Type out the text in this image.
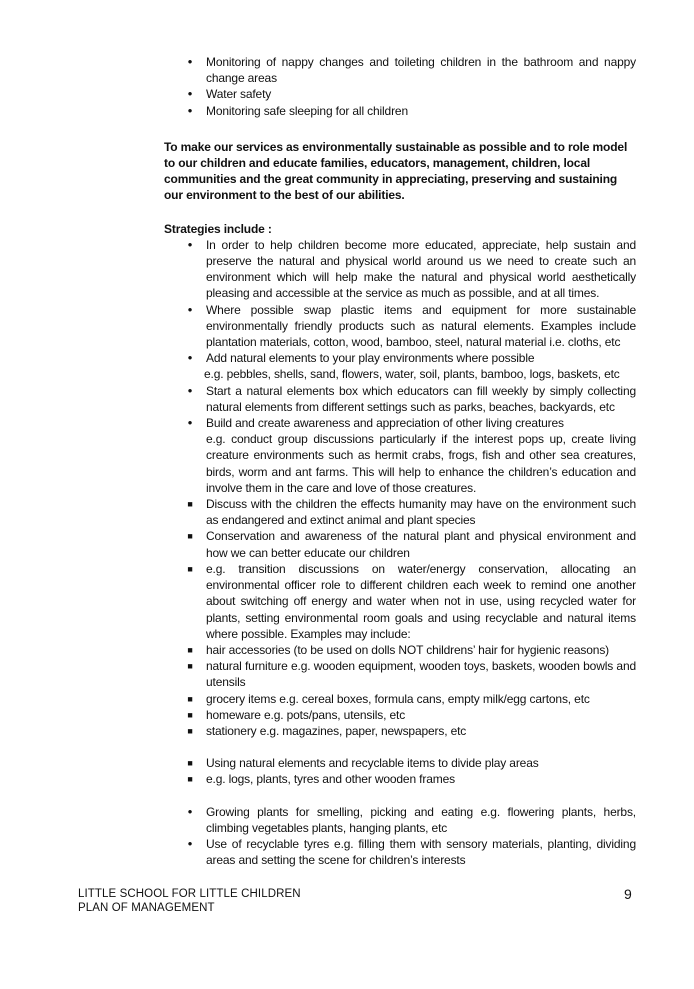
•	Monitoring of nappy changes and toileting children in the bathroom and nappy change areas
•	Water safety
•	Monitoring safe sleeping for all children

To make our services as environmentally sustainable as possible and to role model to our children and educate families, educators, management, children, local communities and the great community in appreciating, preserving and sustaining our environment to the best of our abilities.

Strategies include :
•	In order to help children become more educated, appreciate, help sustain and preserve the natural and physical world around us we need to create such an environment which will help make the natural and physical world aesthetically pleasing and accessible at the service as much as possible, and at all times.
•	Where possible swap plastic items and equipment for more sustainable environmentally friendly products such as natural elements. Examples include plantation materials, cotton, wood, bamboo, steel, natural material i.e. cloths, etc
•	Add natural elements to your play environments where possible
e.g. pebbles, shells, sand, flowers, water, soil, plants, bamboo, logs, baskets, etc
•	Start a natural elements box which educators can fill weekly by simply collecting natural elements from different settings such as parks, beaches, backyards, etc
•	Build and create awareness and appreciation of other living creatures
e.g. conduct group discussions particularly if the interest pops up, create living creature environments such as hermit crabs, frogs, fish and other sea creatures, birds, worm and ant farms. This will help to enhance the children’s education and involve them in the care and love of those creatures.
■	Discuss with the children the effects humanity may have on the environment such as endangered and extinct animal and plant species
■	Conservation and awareness of the natural plant and physical environment and how we can better educate our children
■	e.g. transition discussions on water/energy conservation, allocating an environmental officer role to different children each week to remind one another about switching off energy and water when not in use, using recycled water for plants, setting environmental room goals and using recyclable and natural items where possible. Examples may include:
■	hair accessories (to be used on dolls NOT childrens’ hair for hygienic reasons)
■	natural furniture e.g. wooden equipment, wooden toys, baskets, wooden bowls and utensils
■	grocery items e.g. cereal boxes, formula cans, empty milk/egg cartons, etc
■	homeware e.g. pots/pans, utensils, etc
■	stationery e.g. magazines, paper, newspapers, etc
■	Using natural elements and recyclable items to divide play areas
■	e.g. logs, plants, tyres and other wooden frames
•	Growing plants for smelling, picking and eating e.g. flowering plants, herbs, climbing vegetables plants, hanging plants, etc
•	Use of recyclable tyres e.g. filling them with sensory materials, planting, dividing areas and setting the scene for children’s interests
LITTLE SCHOOL FOR LITTLE CHILDREN
PLAN OF MANAGEMENT
9
